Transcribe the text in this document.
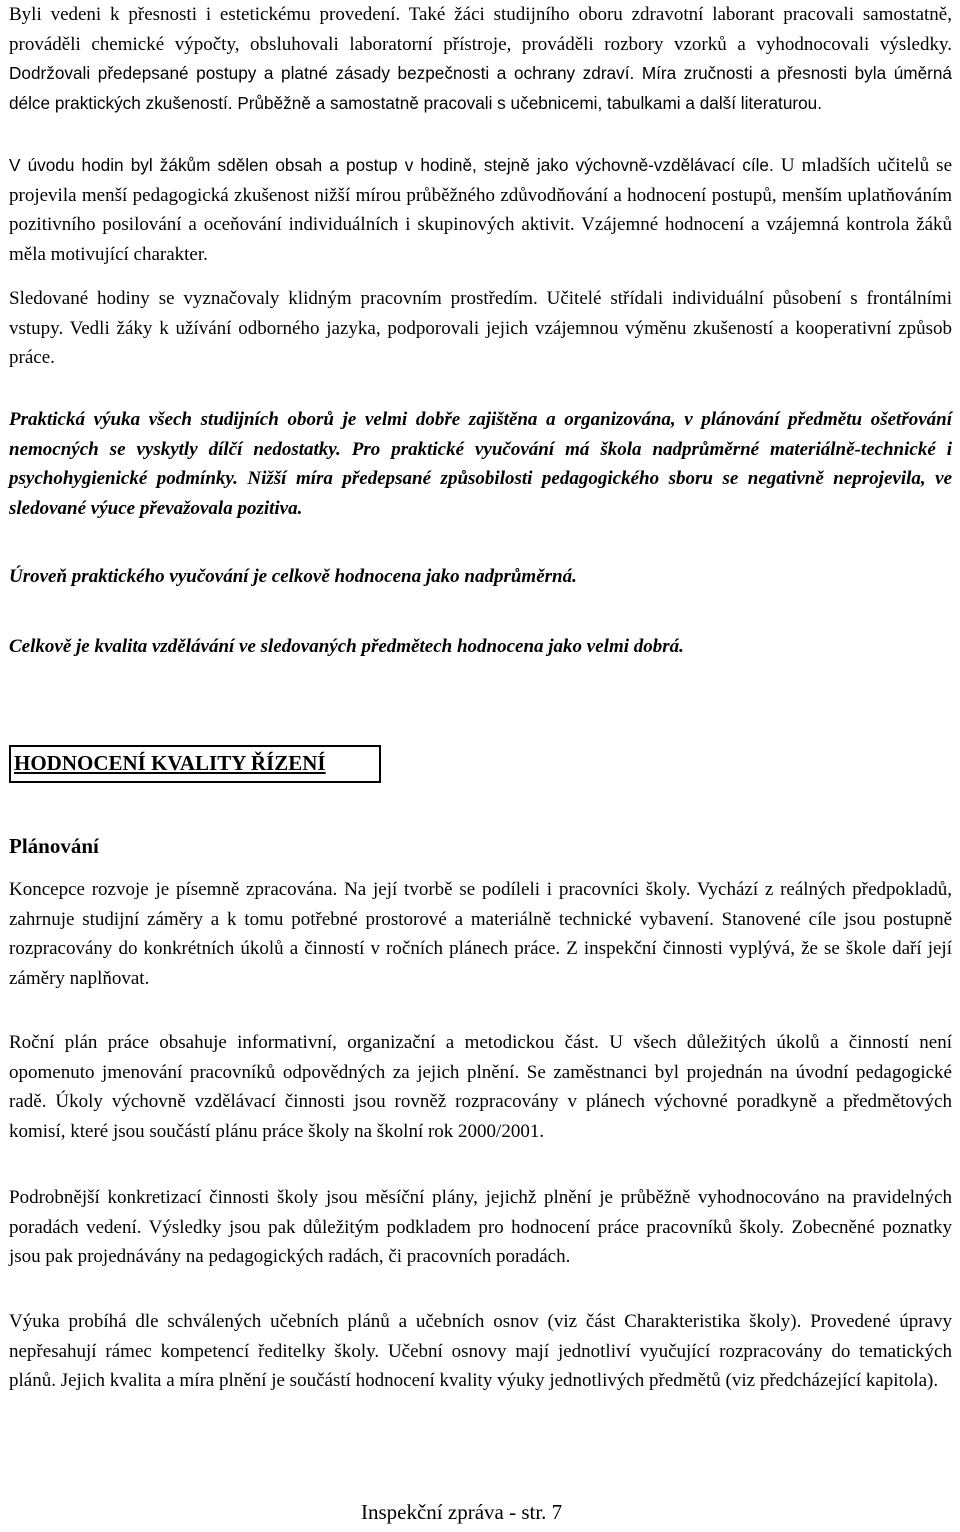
Byli vedeni k přesnosti i estetickému provedení. Také žáci studijního oboru zdravotní laborant pracovali samostatně, prováděli chemické výpočty, obsluhovali laboratorní přístroje, prováděli rozbory vzorků a vyhodnocovali výsledky. Dodržovali předepsané postupy a platné zásady bezpečnosti a ochrany zdraví. Míra zručnosti a přesnosti byla úměrná délce praktických zkušeností. Průběžně a samostatně pracovali s učebnicemi, tabulkami a další literaturou.

V úvodu hodin byl žákům sdělen obsah a postup v hodině, stejně jako výchovně-vzdělávací cíle. U mladších učitelů se projevila menší pedagogická zkušenost nižší mírou průběžného zdůvodňování a hodnocení postupů, menším uplatňováním pozitivního posilování a oceňování individuálních i skupinových aktivit. Vzájemné hodnocení a vzájemná kontrola žáků měla motivující charakter.

Sledované hodiny se vyznačovaly klidným pracovním prostředím. Učitelé střídali individuální působení s frontálními vstupy. Vedli žáky k užívání odborného jazyka, podporovali jejich vzájemnou výměnu zkušeností a kooperativní způsob práce.

Praktická výuka všech studijních oborů je velmi dobře zajištěna a organizována, v plánování předmětu ošetřování nemocných se vyskytly dílčí nedostatky. Pro praktické vyučování má škola nadprůměrné materiálně-technické i psychohygienické podmínky. Nižší míra předepsané způsobilosti pedagogického sboru se negativně neprojevila, ve sledované výuce převažovala pozitiva.

Úroveň praktického vyučování je celkově hodnocena jako nadprůměrná.

Celkově je kvalita vzdělávání ve sledovaných předmětech hodnocena jako velmi dobrá.

HODNOCENÍ KVALITY ŘÍZENÍ

Plánování

Koncepce rozvoje je písemně zpracována. Na její tvorbě se podíleli i pracovníci školy. Vychází z reálných předpokladů, zahrnuje studijní záměry a k tomu potřebné prostorové a materiálně technické vybavení. Stanovené cíle jsou postupně rozpracovány do konkrétních úkolů a činností v ročních plánech práce. Z inspekční činnosti vyplývá, že se škole daří její záměry naplňovat.

Roční plán práce obsahuje informativní, organizační a metodickou část. U všech důležitých úkolů a činností není opomenuto jmenování pracovníků odpovědných za jejich plnění. Se zaměstnanci byl projednán na úvodní pedagogické radě. Úkoly výchovně vzdělávací činnosti jsou rovněž rozpracovány v plánech výchovné poradkyně a předmětových komisí, které jsou součástí plánu práce školy na školní rok 2000/2001.

Podrobnější konkretizací činnosti školy jsou měsíční plány, jejichž plnění je průběžně vyhodnocováno na pravidelných poradách vedení. Výsledky jsou pak důležitým podkladem pro hodnocení práce pracovníků školy. Zobecněné poznatky jsou pak projednávány na pedagogických radách, či pracovních poradách.

Výuka probíhá dle schválených učebních plánů a učebních osnov (viz část Charakteristika školy). Provedené úpravy nepřesahují rámec kompetencí ředitelky školy. Učební osnovy mají jednotliví vyučující rozpracovány do tematických plánů. Jejich kvalita a míra plnění je součástí hodnocení kvality výuky jednotlivých předmětů (viz předcházející kapitola).

Inspekční zpráva - str. 7
